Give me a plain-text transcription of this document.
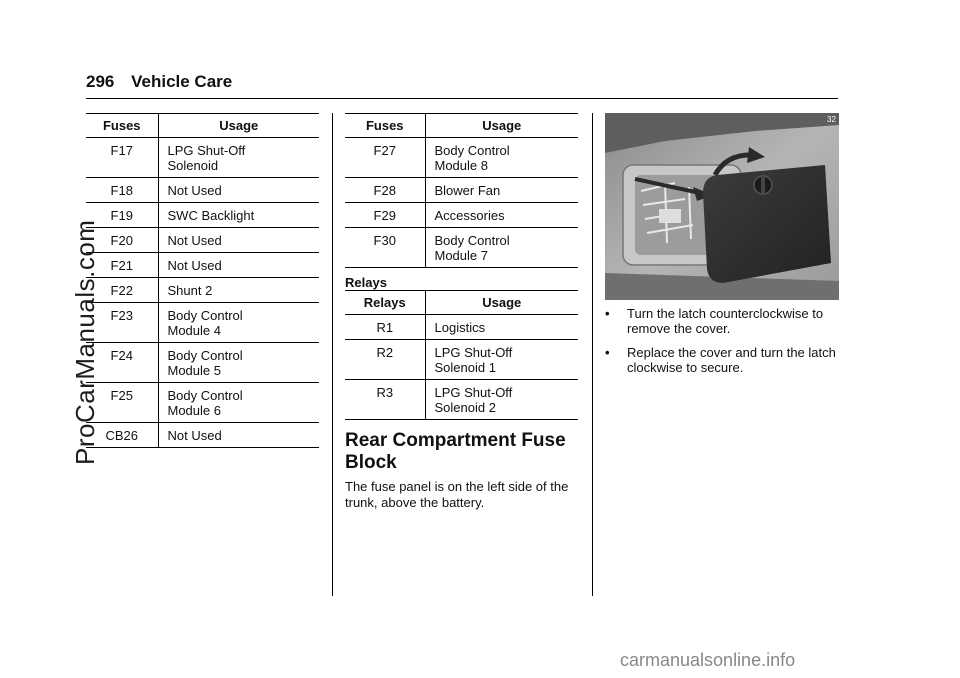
296 Vehicle Care
Fuses	Usage
F17	LPG Shut-Off
Solenoid
F18	Not Used
F19	SWC Backlight
F20	Not Used
F21	Not Used
F22	Shunt 2
F23	Body Control
Module 4
F24	Body Control
Module 5
F25	Body Control
Module 6
CB26	Not Used
Fuses	Usage
F27	Body Control
Module 8
F28	Blower Fan
F29	Accessories
F30	Body Control
Module 7
Relays
Relays	Usage
R1	Logistics
R2	LPG Shut-Off
Solenoid 1
R3	LPG Shut-Off
Solenoid 2
Rear Compartment Fuse Block
The fuse panel is on the left side of the trunk, above the battery.
32
•	Turn the latch counterclockwise to remove the cover.
•	Replace the cover and turn the latch clockwise to secure.
ProCarManuals.com
carmanualsonline.info
